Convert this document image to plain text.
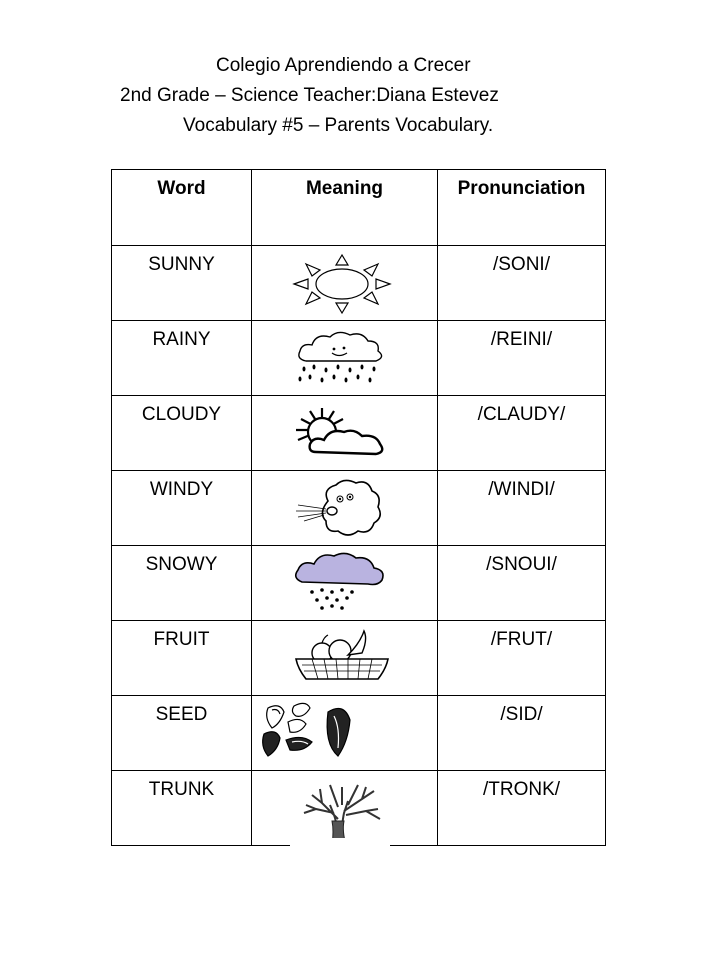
Colegio Aprendiendo a Crecer
2nd Grade – Science Teacher:Diana Estevez
Vocabulary #5 – Parents Vocabulary.
Word	Meaning	Pronunciation
SUNNY		/SONI/
RAINY		/REINI/
CLOUDY		/CLAUDY/
WINDY		/WINDI/
SNOWY		/SNOUI/
FRUIT		/FRUT/
SEED		/SID/
TRUNK		/TRONK/
